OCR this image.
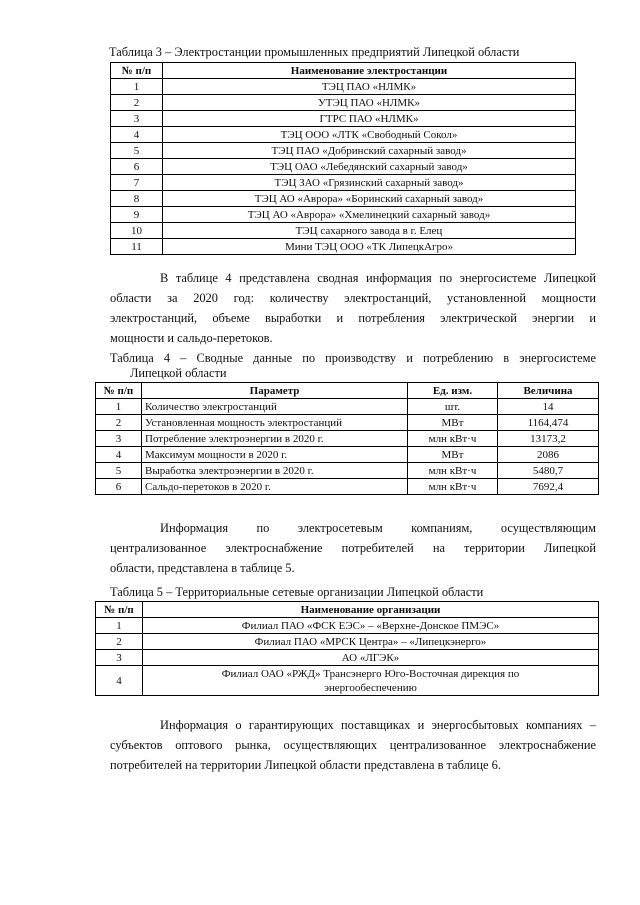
Таблица 3 – Электростанции промышленных предприятий Липецкой области
№ п/п	Наименование электростанции
1	ТЭЦ ПАО «НЛМК»
2	УТЭЦ ПАО «НЛМК»
3	ГТРС ПАО «НЛМК»
4	ТЭЦ ООО «ЛТК «Свободный Сокол»
5	ТЭЦ ПАО «Добринский сахарный завод»
6	ТЭЦ ОАО «Лебедянский сахарный завод»
7	ТЭЦ ЗАО «Грязинский сахарный завод»
8	ТЭЦ АО «Аврора» «Боринский сахарный завод»
9	ТЭЦ АО «Аврора» «Хмелинецкий сахарный завод»
10	ТЭЦ сахарного завода в г. Елец
11	Мини ТЭЦ ООО «ТК ЛипецкАгро»
В таблице 4 представлена сводная информация по энергосистеме Липецкой
области за 2020 год: количеству электростанций, установленной мощности
электростанций, объеме выработки и потребления электрической энергии и
мощности и сальдо-перетоков.
Таблица 4 – Сводные данные по производству и потреблению в энергосистеме
Липецкой области
№ п/п	Параметр	Ед. изм.	Величина
1	Количество электростанций	шт.	14
2	Установленная мощность электростанций	МВт	1164,474
3	Потребление электроэнергии в 2020 г.	млн кВт·ч	13173,2
4	Максимум мощности в 2020 г.	МВт	2086
5	Выработка электроэнергии в 2020 г.	млн кВт·ч	5480,7
6	Сальдо-перетоков в 2020 г.	млн кВт·ч	7692,4
Информация по электросетевым компаниям, осуществляющим
централизованное электроснабжение потребителей на территории Липецкой
области, представлена в таблице 5.
Таблица 5 – Территориальные сетевые организации Липецкой области
№ п/п	Наименование организации
1	Филиал ПАО «ФСК ЕЭС» – «Верхне-Донское ПМЭС»
2	Филиал ПАО «МРСК Центра» – «Липецкэнерго»
3	АО «ЛГЭК»
4	Филиал ОАО «РЖД» Трансэнерго Юго-Восточная дирекция по
энергообеспечению
Информация о гарантирующих поставщиках и энергосбытовых компаниях –
субъектов оптового рынка, осуществляющих централизованное электроснабжение
потребителей на территории Липецкой области представлена в таблице 6.
